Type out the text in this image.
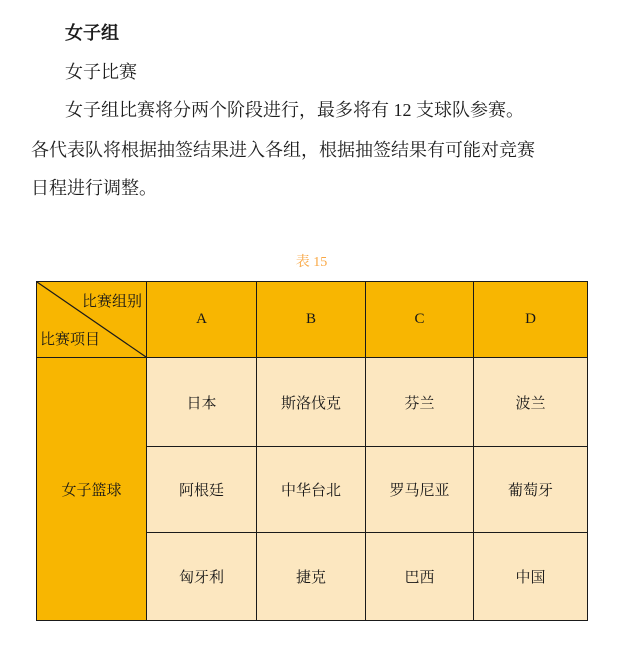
女子组
女子比赛
女子组比赛将分两个阶段进行，最多将有 12 支球队参赛。
各代表队将根据抽签结果进入各组，根据抽签结果有可能对竞赛
日程进行调整。
表 15
比赛组别
比赛项目	A	B	C	D
女子篮球	日本	斯洛伐克	芬兰	波兰
	阿根廷	中华台北	罗马尼亚	葡萄牙
	匈牙利	捷克	巴西	中国
